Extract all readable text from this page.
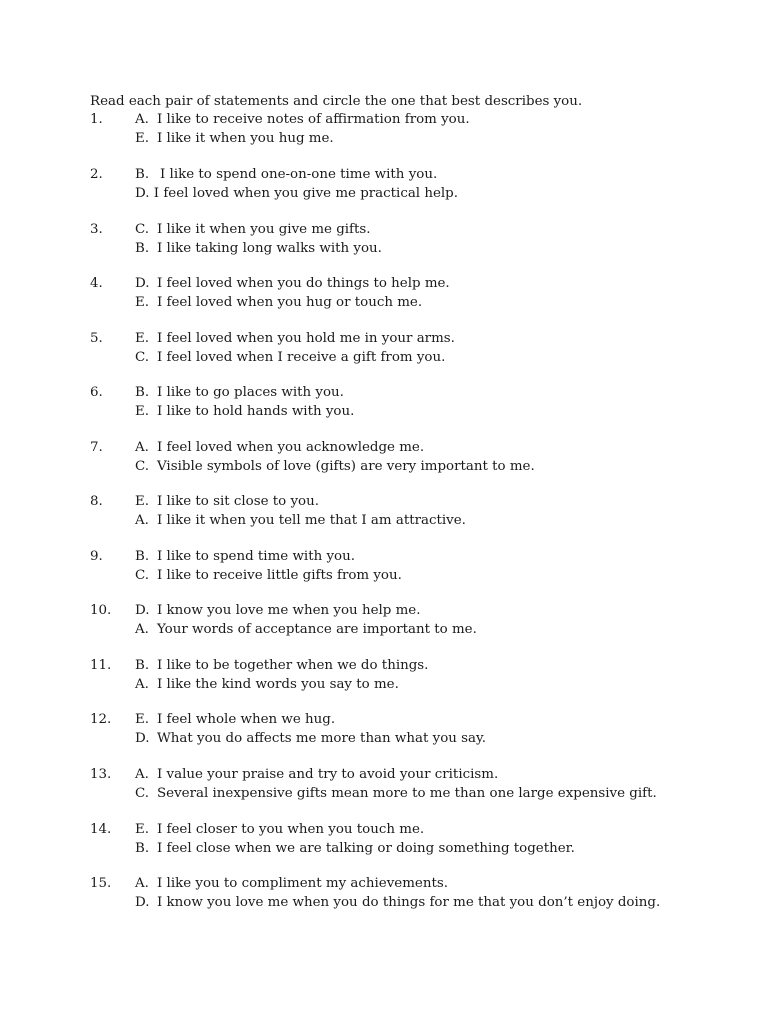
Read each pair of statements and circle the one that best describes you.
1. A. I like to receive notes of affirmation from you.
E. I like it when you hug me.
2. B. I like to spend one-on-one time with you.
D. I feel loved when you give me practical help.
3. C. I like it when you give me gifts.
B. I like taking long walks with you.
4. D. I feel loved when you do things to help me.
E. I feel loved when you hug or touch me.
5. E. I feel loved when you hold me in your arms.
C. I feel loved when I receive a gift from you.
6. B. I like to go places with you.
E. I like to hold hands with you.
7. A. I feel loved when you acknowledge me.
C. Visible symbols of love (gifts) are very important to me.
8. E. I like to sit close to you.
A. I like it when you tell me that I am attractive.
9. B. I like to spend time with you.
C. I like to receive little gifts from you.
10. D. I know you love me when you help me.
A. Your words of acceptance are important to me.
11. B. I like to be together when we do things.
A. I like the kind words you say to me.
12. E. I feel whole when we hug.
D. What you do affects me more than what you say.
13. A. I value your praise and try to avoid your criticism.
C. Several inexpensive gifts mean more to me than one large expensive gift.
14. E. I feel closer to you when you touch me.
B. I feel close when we are talking or doing something together.
15. A. I like you to compliment my achievements.
D. I know you love me when you do things for me that you don’t enjoy doing.
